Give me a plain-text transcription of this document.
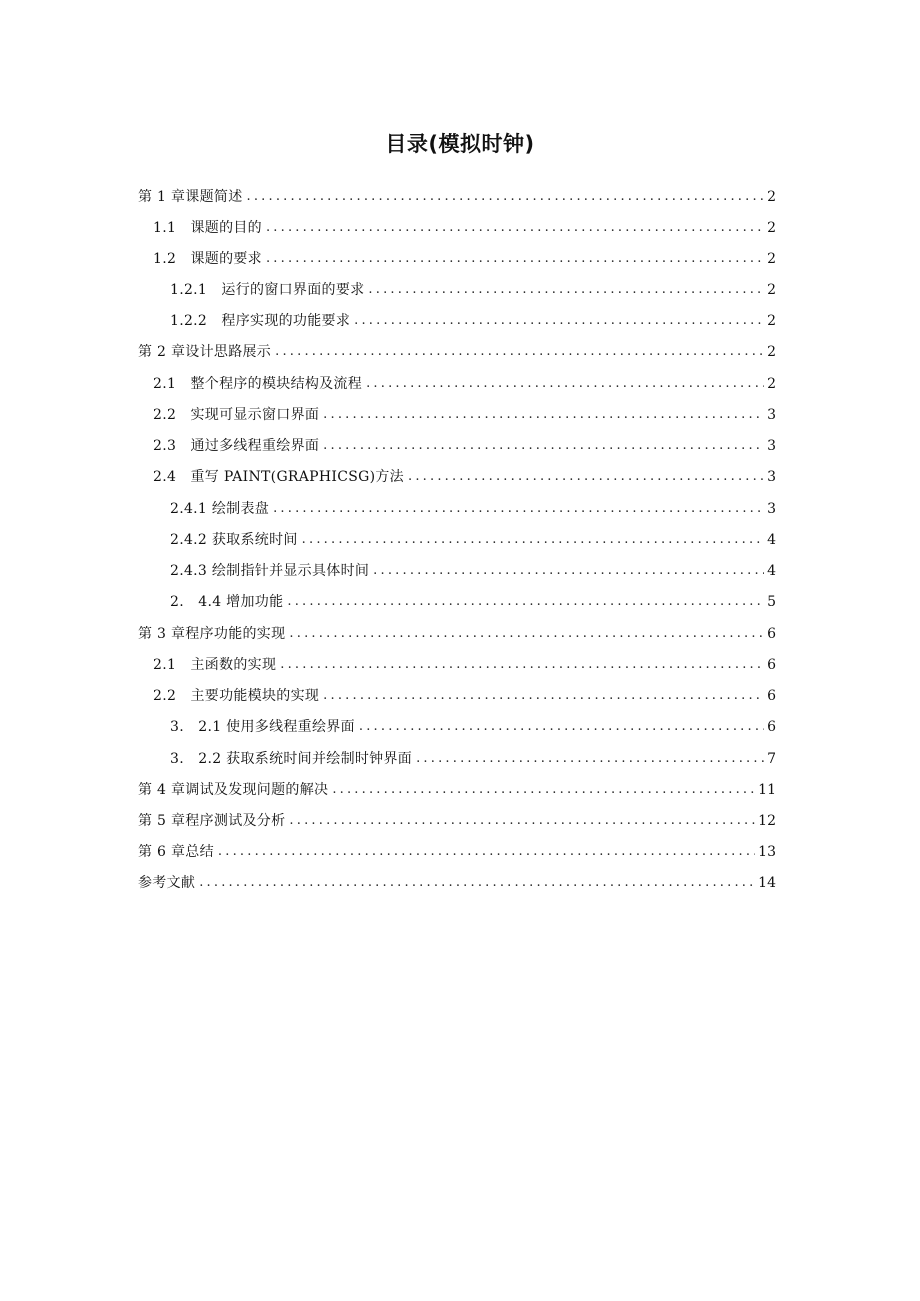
目录(模拟时钟)
第 1 章课题简述 .....	2
1.1　课题的目的 .....	2
1.2　课题的要求 .....	2
1.2.1　运行的窗口界面的要求 .....	2
1.2.2　程序实现的功能要求 .....	2
第 2 章设计思路展示 .....	2
2.1　整个程序的模块结构及流程 .....	2
2.2　实现可显示窗口界面 .....	3
2.3　通过多线程重绘界面 .....	3
2.4　重写 PAINT(GRAPHICSG)方法 .....	3
2.4.1 绘制表盘 .....	3
2.4.2 获取系统时间 .....	4
2.4.3 绘制指针并显示具体时间 .....	4
2.　4.4 增加功能 .....	5
第 3 章程序功能的实现 .....	6
2.1　主函数的实现 .....	6
2.2　主要功能模块的实现 .....	6
3.　2.1 使用多线程重绘界面 .....	6
3.　2.2 获取系统时间并绘制时钟界面 .....	7
第 4 章调试及发现问题的解决 .....	11
第 5 章程序测试及分析 .....	12
第 6 章总结 .....	13
参考文献 .....	14
